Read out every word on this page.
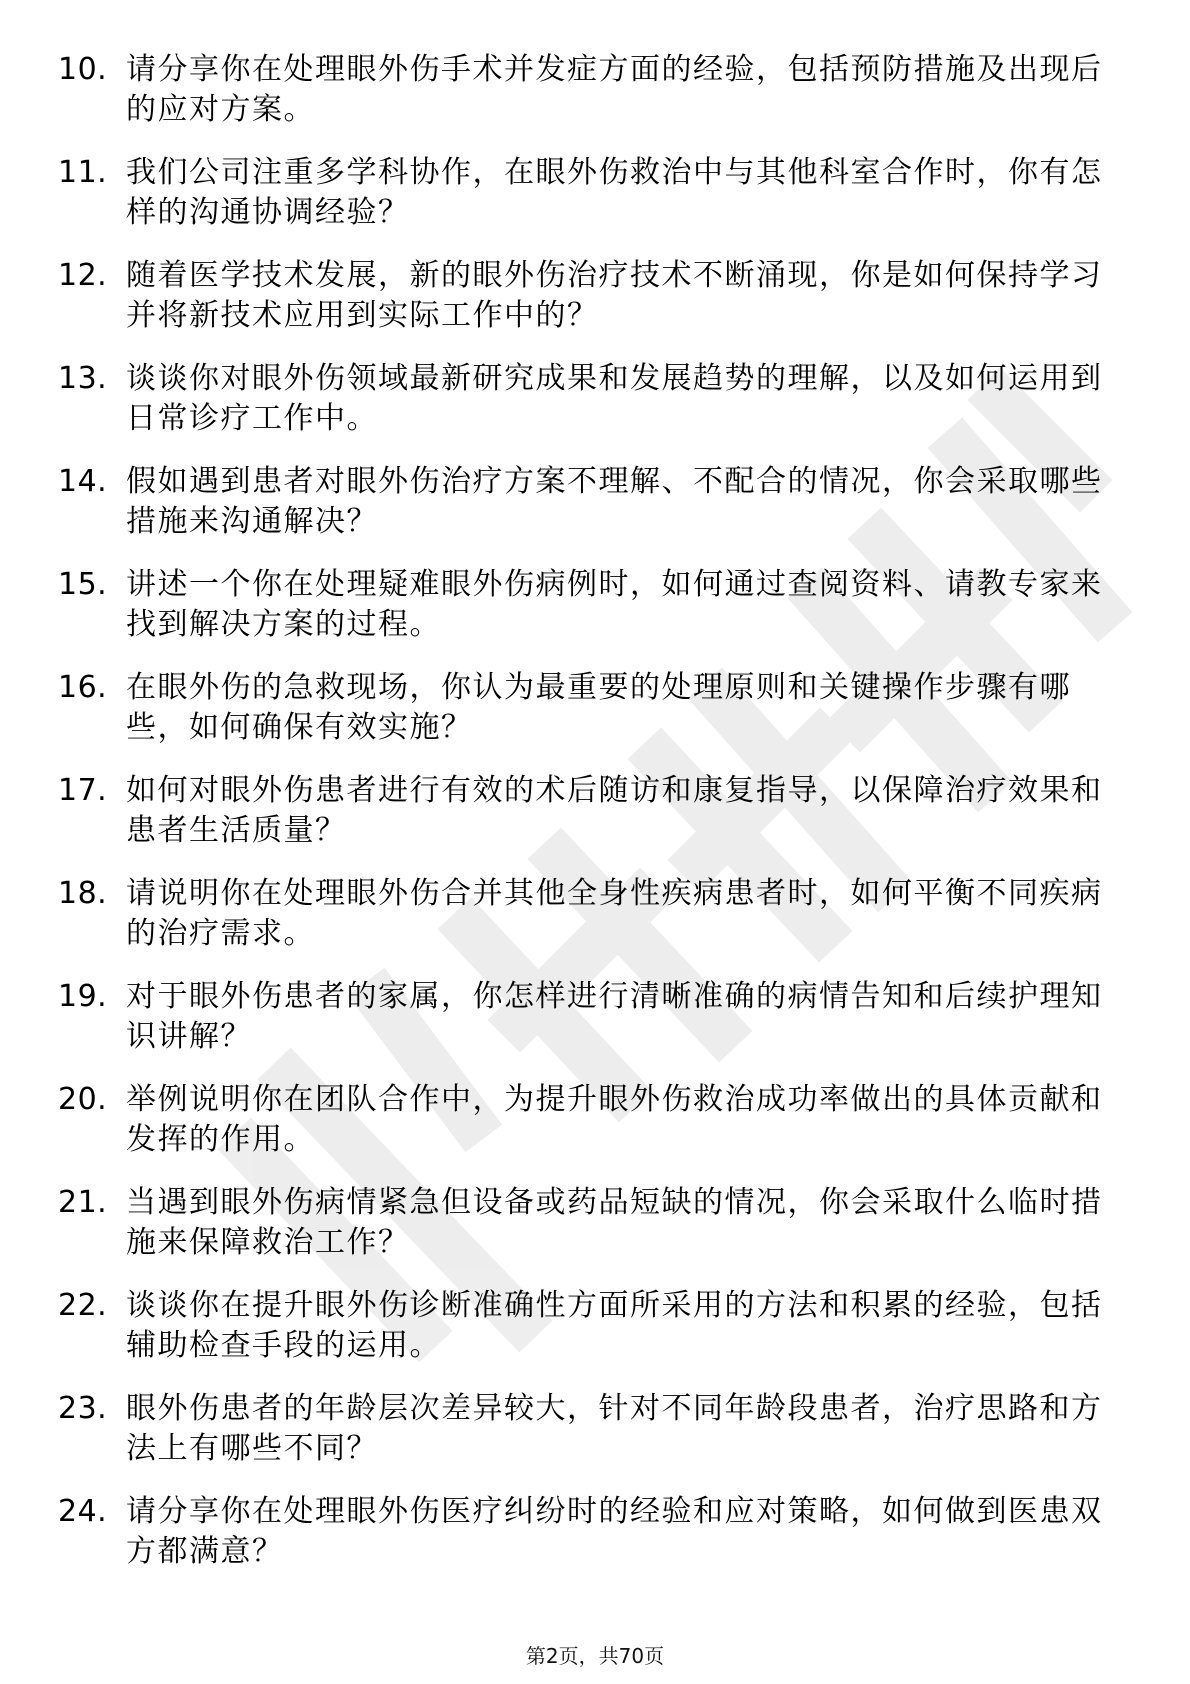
10. 请分享你在处理眼外伤手术并发症方面的经验，包括预防措施及出现后的应对方案。
11. 我们公司注重多学科协作，在眼外伤救治中与其他科室合作时，你有怎样的沟通协调经验？
12. 随着医学技术发展，新的眼外伤治疗技术不断涌现，你是如何保持学习并将新技术应用到实际工作中的？
13. 谈谈你对眼外伤领域最新研究成果和发展趋势的理解，以及如何运用到日常诊疗工作中。
14. 假如遇到患者对眼外伤治疗方案不理解、不配合的情况，你会采取哪些措施来沟通解决？
15. 讲述一个你在处理疑难眼外伤病例时，如何通过查阅资料、请教专家来找到解决方案的过程。
16. 在眼外伤的急救现场，你认为最重要的处理原则和关键操作步骤有哪些，如何确保有效实施？
17. 如何对眼外伤患者进行有效的术后随访和康复指导，以保障治疗效果和患者生活质量？
18. 请说明你在处理眼外伤合并其他全身性疾病患者时，如何平衡不同疾病的治疗需求。
19. 对于眼外伤患者的家属，你怎样进行清晰准确的病情告知和后续护理知识讲解？
20. 举例说明你在团队合作中，为提升眼外伤救治成功率做出的具体贡献和发挥的作用。
21. 当遇到眼外伤病情紧急但设备或药品短缺的情况，你会采取什么临时措施来保障救治工作？
22. 谈谈你在提升眼外伤诊断准确性方面所采用的方法和积累的经验，包括辅助检查手段的运用。
23. 眼外伤患者的年龄层次差异较大，针对不同年龄段患者，治疗思路和方法上有哪些不同？
24. 请分享你在处理眼外伤医疗纠纷时的经验和应对策略，如何做到医患双方都满意？
第2页，共70页
